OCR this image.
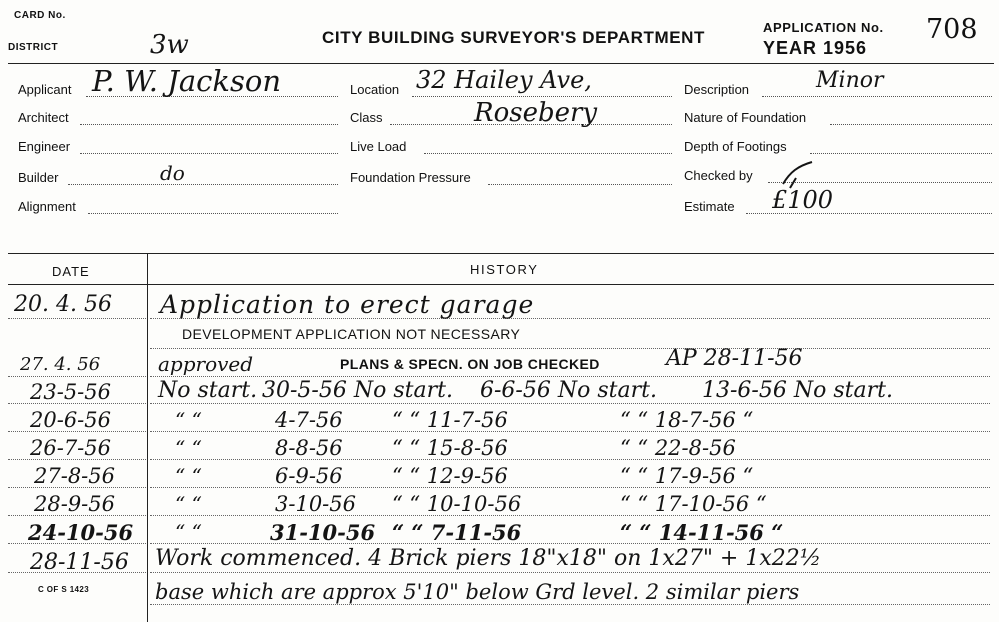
CARD No.
DISTRICT	3w	CITY BUILDING SURVEYOR'S DEPARTMENT
APPLICATION No.
YEAR 1956
708
Applicant P. W. Jackson
Architect
Engineer
Builder	do
Alignment
Location 32 Hailey Ave,
Class	Rosebery
Live Load
Foundation Pressure
Description	Minor
Nature of Foundation
Depth of Footings
Checked by
Estimate £100
DATE	HISTORY
20. 4. 56 Application to erect garage
DEVELOPMENT APPLICATION NOT NECESSARY
27. 4. 56	approved	PLANS & SPECN. ON JOB CHECKED	AP 28-11-56
23-5-56 No start. 30-5-56 No start. 6-6-56 No start. 13-6-56 No start.
20-6-56	“ “	4-7-56 “ “ 11-7-56	“ “ 18-7-56 “
26-7-56	“ “	8-8-56 “ “ 15-8-56	“ “ 22-8-56
27-8-56	“ “	6-9-56 “ “ 12-9-56	“ “ 17-9-56 “
28-9-56	“ “	3-10-56 “ “ 10-10-56	“ “ 17-10-56 “
24-10-56 “ “	31-10-56 “ “ 7-11-56	“ “ 14-11-56 “
28-11-56 Work commenced. 4 Brick piers 18"x18" on 1x27" + 1x22½
base which are approx 5'10" below Grd level. 2 similar piers
C OF S 1423
